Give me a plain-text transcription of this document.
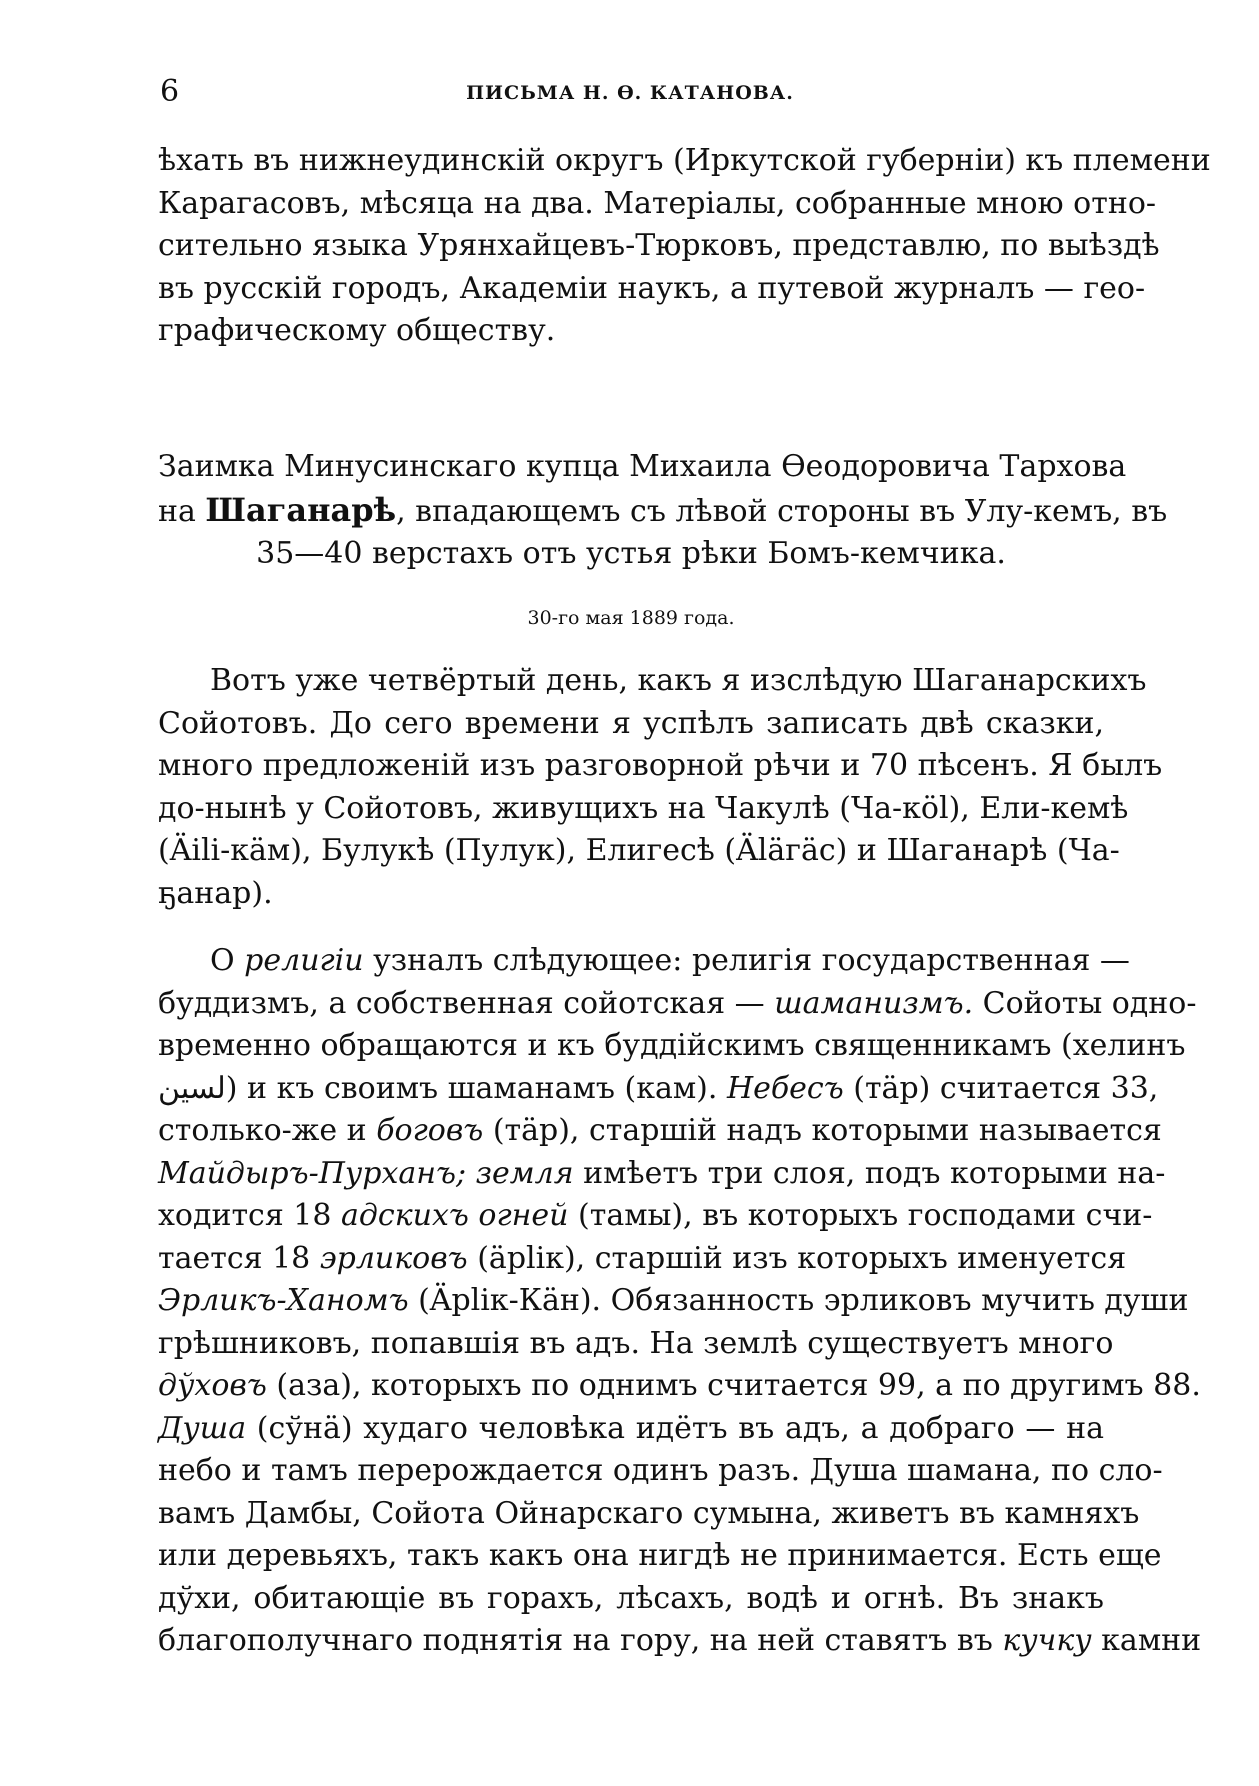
6	ПИСЬМА Н. Ѳ. КАТАНОВА.
ѣхать въ нижнеудинскій округъ (Иркутской губерніи) къ племени
Карагасовъ, мѣсяца на два. Матеріалы, собранные мною отно-
сительно языка Урянхайцевъ-Тюрковъ, представлю, по выѣздѣ
въ русскій городъ, Академіи наукъ, а путевой журналъ — гео-
графическому обществу.
Заимка Минусинскаго купца Михаила Ѳеодоровича Тархова
на Шаганарѣ, впадающемъ съ лѣвой стороны въ Улу-кемъ, въ
35—40 верстахъ отъ устья рѣки Бомъ-кемчика.
30-го мая 1889 года.
Вотъ уже четвёртый день, какъ я изслѣдую Шаганарскихъ
Сойотовъ. До сего времени я успѣлъ записать двѣ сказки,
много предложеній изъ разговорной рѣчи и 70 пѣсенъ. Я былъ
до-нынѣ у Сойотовъ, живущихъ на Чакулѣ (Ча-кöl), Ели-кемѣ
(Äіlі-кäм), Булукѣ (Пулук), Елигесѣ (Äläгäс) и Шаганарѣ (Ча-
ҕанар).
О религіи узналъ слѣдующее: религія государственная —
буддизмъ, а собственная сойотская — шаманизмъ. Сойоты одно-
временно обращаются и къ буддійскимъ священникамъ (хелинъ
ﻟﺴﻴﻦ) и къ своимъ шаманамъ (кам). Небесъ (тäр) считается 33,
столько-же и боговъ (тäр), старшій надъ которыми называется
Майдыръ-Пурханъ; земля имѣетъ три слоя, подъ которыми на-
ходится 18 адскихъ огней (тамы), въ которыхъ господами счи-
тается 18 эрликовъ (äрlік), старшій изъ которыхъ именуется
Эрликъ-Ханомъ (Äрlік-Кäн). Обязанность эрликовъ мучить души
грѣшниковъ, попавшія въ адъ. На землѣ существуетъ много
дўховъ (аза), которыхъ по однимъ считается 99, а по другимъ 88.
Душа (сўнä) худаго человѣка идётъ въ адъ, а добраго — на
небо и тамъ перерождается одинъ разъ. Душа шамана, по сло-
вамъ Дамбы, Сойота Ойнарскаго сумына, живетъ въ камняхъ
или деревьяхъ, такъ какъ она нигдѣ не принимается. Есть еще
дўхи, обитающіе въ горахъ, лѣсахъ, водѣ и огнѣ. Въ знакъ
благополучнаго поднятія на гору, на ней ставятъ въ кучку камни
